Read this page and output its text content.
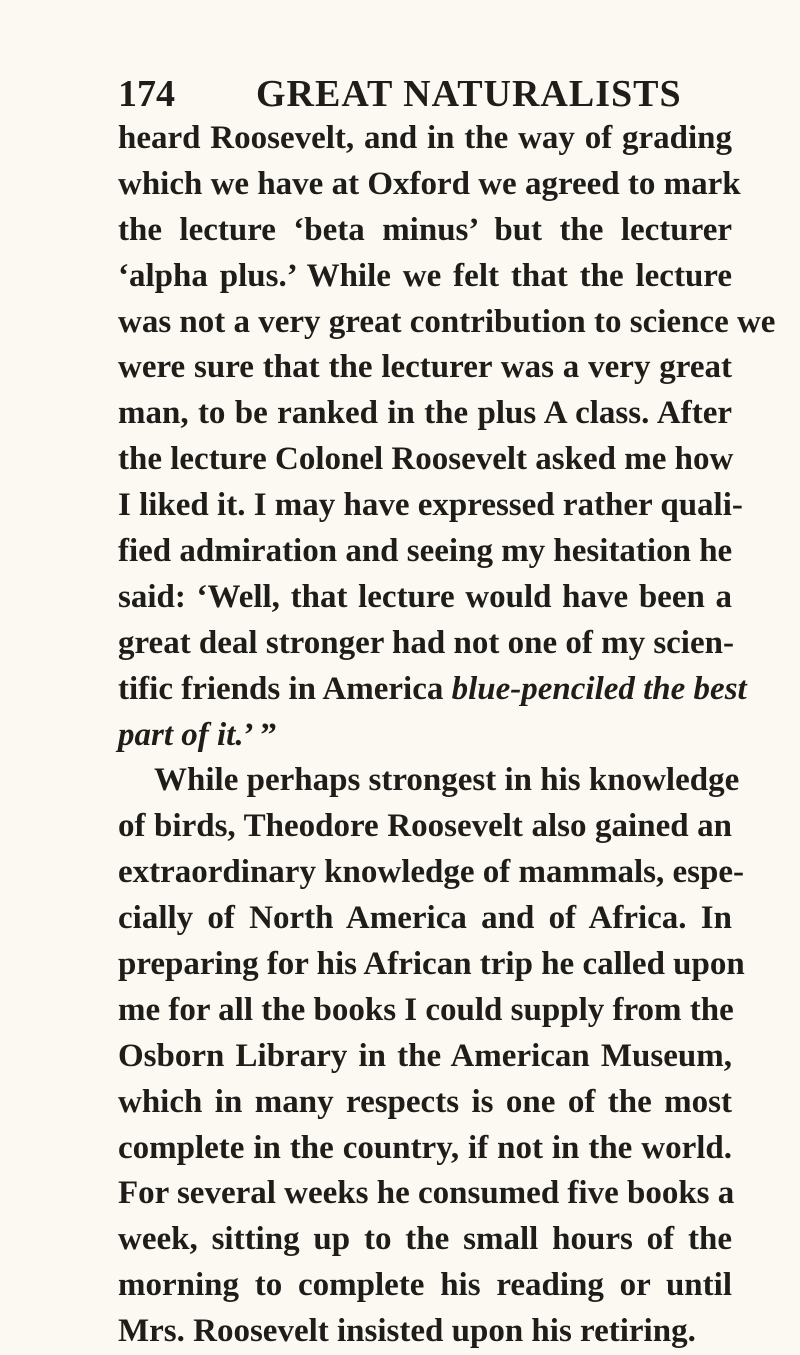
174	GREAT NATURALISTS
heard Roosevelt, and in the way of grading
which we have at Oxford we agreed to mark
the lecture ‘beta minus’ but the lecturer
‘alpha plus.’ While we felt that the lecture
was not a very great contribution to science we
were sure that the lecturer was a very great
man, to be ranked in the plus A class. After
the lecture Colonel Roosevelt asked me how
I liked it. I may have expressed rather quali-
fied admiration and seeing my hesitation he
said: ‘Well, that lecture would have been a
great deal stronger had not one of my scien-
tific friends in America blue-penciled the best
part of it.’ ”
While perhaps strongest in his knowledge
of birds, Theodore Roosevelt also gained an
extraordinary knowledge of mammals, espe-
cially of North America and of Africa. In
preparing for his African trip he called upon
me for all the books I could supply from the
Osborn Library in the American Museum,
which in many respects is one of the most
complete in the country, if not in the world.
For several weeks he consumed five books a
week, sitting up to the small hours of the
morning to complete his reading or until
Mrs. Roosevelt insisted upon his retiring.
